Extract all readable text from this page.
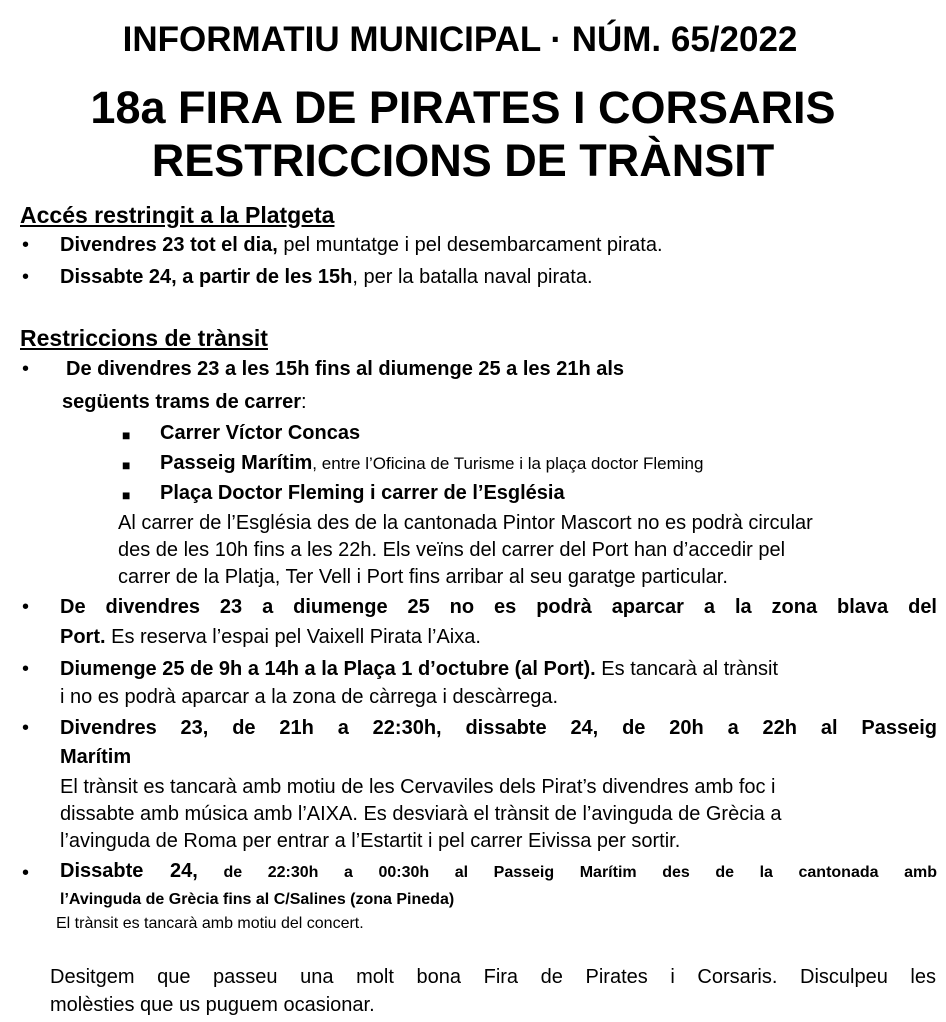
INFORMATIU MUNICIPAL · NÚM. 65/2022
18a FIRA DE PIRATES I CORSARIS
RESTRICCIONS DE TRÀNSIT
Accés restringit a la Platgeta
• Divendres 23 tot el dia, pel muntatge i pel desembarcament pirata.
• Dissabte 24, a partir de les 15h, per la batalla naval pirata.
Restriccions de trànsit
• De divendres 23 a les 15h fins al diumenge 25 a les 21h als
següents trams de carrer:
■ Carrer Víctor Concas
■ Passeig Marítim, entre l’Oficina de Turisme i la plaça doctor Fleming
■ Plaça Doctor Fleming i carrer de l’Església
Al carrer de l’Església des de la cantonada Pintor Mascort no es podrà circular
des de les 10h fins a les 22h. Els veïns del carrer del Port han d’accedir pel
carrer de la Platja, Ter Vell i Port fins arribar al seu garatge particular.
• De divendres 23 a diumenge 25 no es podrà aparcar a la zona blava del
Port. Es reserva l’espai pel Vaixell Pirata l’Aixa.
• Diumenge 25 de 9h a 14h a la Plaça 1 d’octubre (al Port). Es tancarà al trànsit
i no es podrà aparcar a la zona de càrrega i descàrrega.
• Divendres 23, de 21h a 22:30h, dissabte 24, de 20h a 22h al Passeig
Marítim
El trànsit es tancarà amb motiu de les Cervaviles dels Pirat’s divendres amb foc i
dissabte amb música amb l’AIXA. Es desviarà el trànsit de l’avinguda de Grècia a
l’avinguda de Roma per entrar a l’Estartit i pel carrer Eivissa per sortir.
• Dissabte 24, de 22:30h a 00:30h al Passeig Marítim des de la cantonada amb
l’Avinguda de Grècia fins al C/Salines (zona Pineda)
El trànsit es tancarà amb motiu del concert.
Desitgem que passeu una molt bona Fira de Pirates i Corsaris. Disculpeu les
molèsties que us puguem ocasionar.
